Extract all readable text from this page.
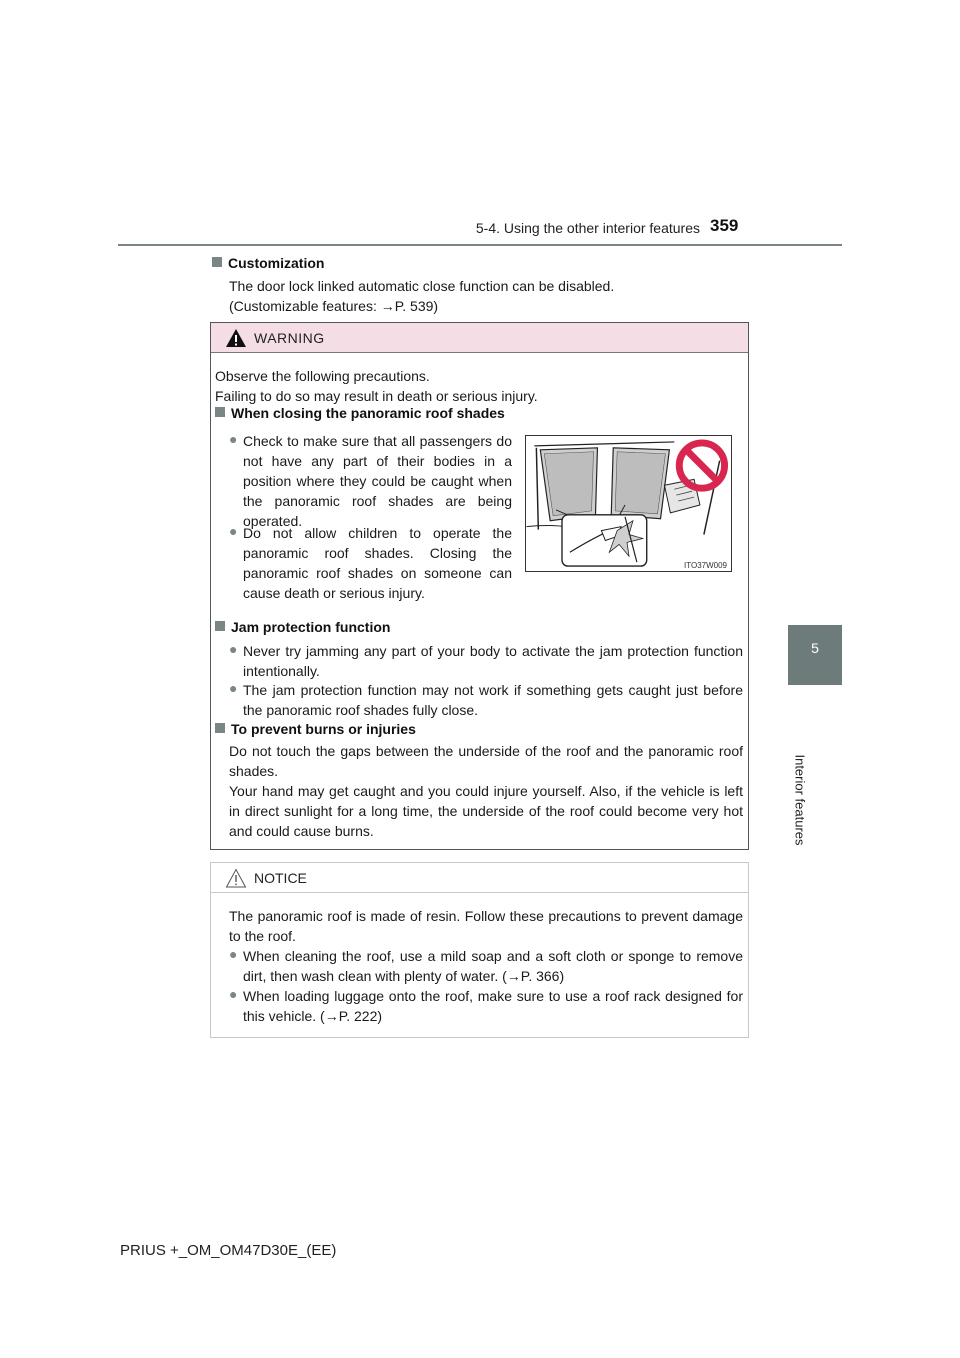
5-4. Using the other interior features 359
5
Interior features
Customization
The door lock linked automatic close function can be disabled.
(Customizable features: →P. 539)
WARNING
Observe the following precautions.
Failing to do so may result in death or serious injury.
When closing the panoramic roof shades
● Check to make sure that all passengers do not have any part of their bodies in a position where they could be caught when the panoramic roof shades are being operated.
● Do not allow children to operate the panoramic roof shades. Closing the panoramic roof shades on someone can cause death or serious injury.
ITO37W009
Jam protection function
● Never try jamming any part of your body to activate the jam protection function intentionally.
● The jam protection function may not work if something gets caught just before the panoramic roof shades fully close.
To prevent burns or injuries
Do not touch the gaps between the underside of the roof and the panoramic roof shades.
Your hand may get caught and you could injure yourself. Also, if the vehicle is left in direct sunlight for a long time, the underside of the roof could become very hot and could cause burns.
NOTICE
The panoramic roof is made of resin. Follow these precautions to prevent damage to the roof.
● When cleaning the roof, use a mild soap and a soft cloth or sponge to remove dirt, then wash clean with plenty of water. (→P. 366)
● When loading luggage onto the roof, make sure to use a roof rack designed for this vehicle. (→P. 222)
PRIUS +_OM_OM47D30E_(EE)
